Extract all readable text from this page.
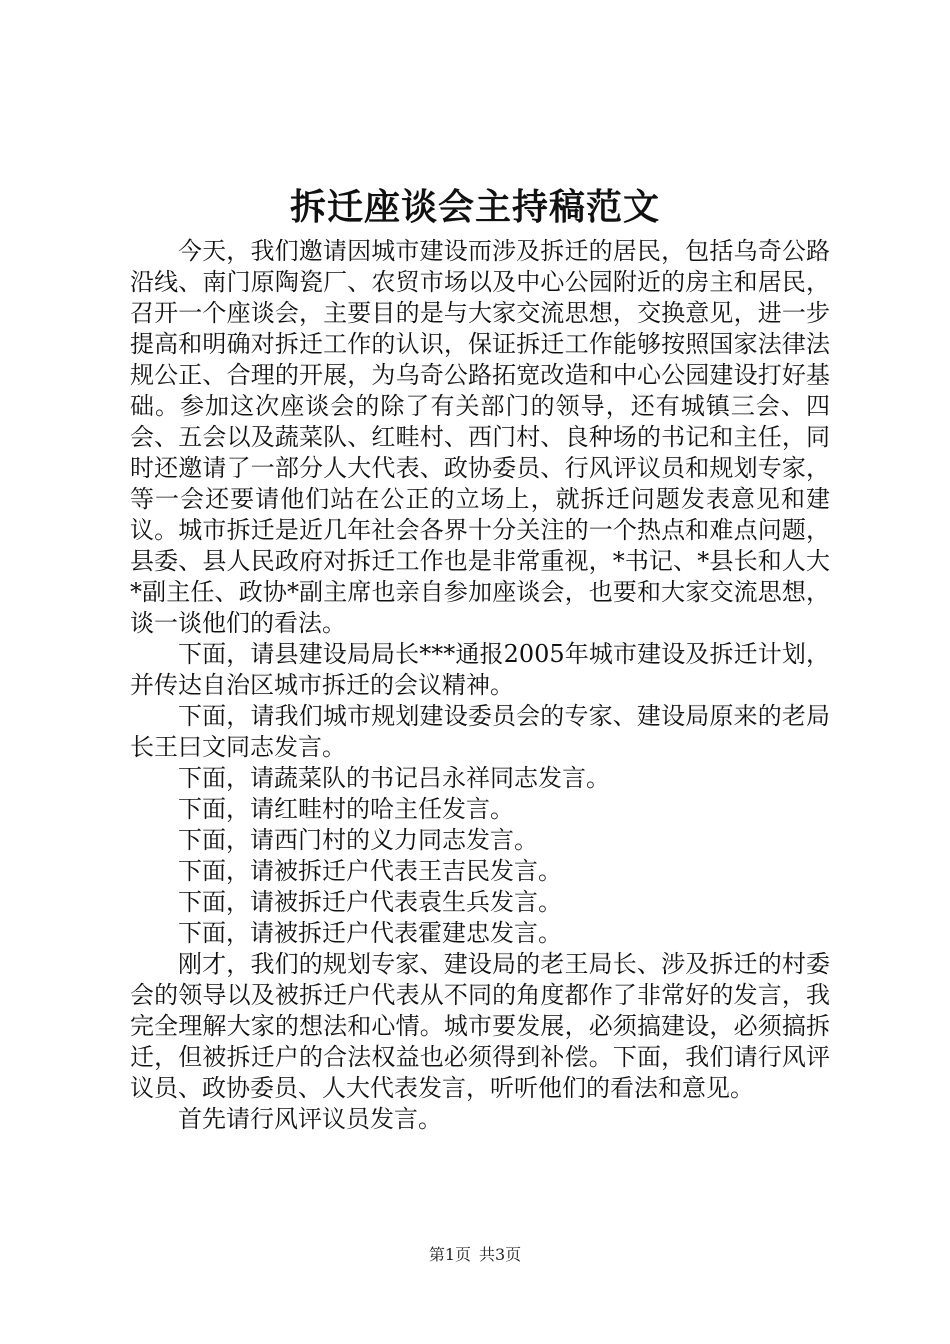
拆迁座谈会主持稿范文

今天，我们邀请因城市建设而涉及拆迁的居民，包括乌奇公路沿线、南门原陶瓷厂、农贸市场以及中心公园附近的房主和居民，召开一个座谈会，主要目的是与大家交流思想，交换意见，进一步提高和明确对拆迁工作的认识，保证拆迁工作能够按照国家法律法规公正、合理的开展，为乌奇公路拓宽改造和中心公园建设打好基础。参加这次座谈会的除了有关部门的领导，还有城镇三会、四会、五会以及蔬菜队、红畦村、西门村、良种场的书记和主任，同时还邀请了一部分人大代表、政协委员、行风评议员和规划专家，等一会还要请他们站在公正的立场上，就拆迁问题发表意见和建议。城市拆迁是近几年社会各界十分关注的一个热点和难点问题，县委、县人民政府对拆迁工作也是非常重视，*书记、*县长和人大*副主任、政协*副主席也亲自参加座谈会，也要和大家交流思想，谈一谈他们的看法。

下面，请县建设局局长***通报2005年城市建设及拆迁计划，并传达自治区城市拆迁的会议精神。

下面，请我们城市规划建设委员会的专家、建设局原来的老局长王曰文同志发言。

下面，请蔬菜队的书记吕永祥同志发言。

下面，请红畦村的哈主任发言。

下面，请西门村的义力同志发言。

下面，请被拆迁户代表王吉民发言。

下面，请被拆迁户代表袁生兵发言。

下面，请被拆迁户代表霍建忠发言。

刚才，我们的规划专家、建设局的老王局长、涉及拆迁的村委会的领导以及被拆迁户代表从不同的角度都作了非常好的发言，我完全理解大家的想法和心情。城市要发展，必须搞建设，必须搞拆迁，但被拆迁户的合法权益也必须得到补偿。下面，我们请行风评议员、政协委员、人大代表发言，听听他们的看法和意见。

首先请行风评议员发言。

第1页 共3页
